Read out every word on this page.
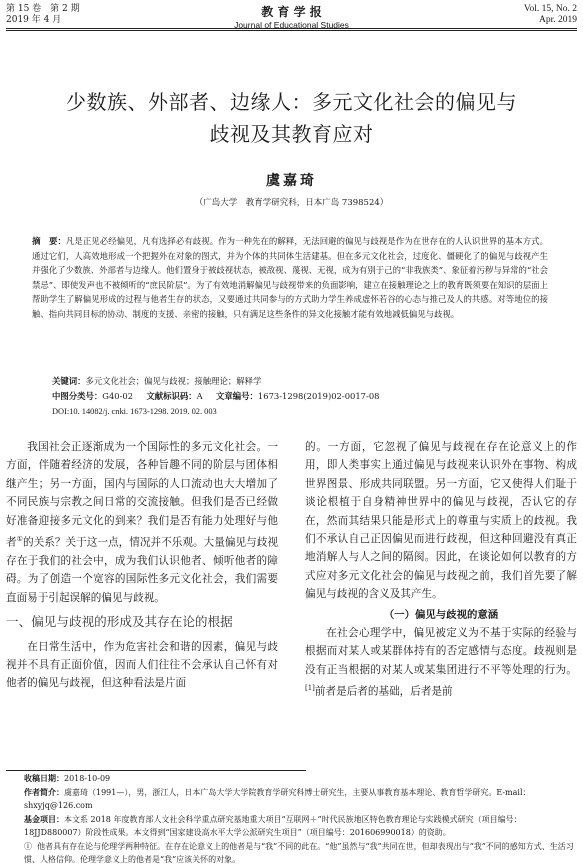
第 15 卷　第 2 期
2019 年 4 月
教 育 学 报
Journal of Educational Studies
Vol. 15, No. 2
Apr. 2019
少数族、外部者、边缘人：多元文化社会的偏见与
歧视及其教育应对
虞嘉琦
（广岛大学　教育学研究科，日本广岛 7398524）
摘　要：凡是正见必经偏见，凡有选择必有歧视。作为一种先在的解释，无法回避的偏见与歧视是作为在世存在的人认识世界的基本方式。通过它们，人高效地形成一个把握外在对象的图式，并为个体的共同体生活建基。但在多元文化社会，过度化、僵硬化了的偏见与歧视产生并强化了少数族、外部者与边缘人。他们置身于被歧视状态，被敌视、蔑视、无视，成为有别于己的“非我族类”、象征着污秽与异常的“社会禁忌”、即使发声也不被倾听的“庶民阶层”。为了有效地消解偏见与歧视带来的负面影响，建立在接触理论之上的教育既须要在知识的层面上帮助学生了解偏见形成的过程与他者生存的状态，又要通过共同参与的方式助力学生养成虚怀若谷的心态与推己及人的共感。对等地位的接触、指向共同目标的协动、制度的支援、亲密的接触，只有满足这些条件的异文化接触才能有效地减低偏见与歧视。
关键词：多元文化社会；偏见与歧视；接触理论；解释学
中图分类号：G40-02 文献标识码：A 文章编号：1673-1298(2019)02-0017-08
DOI:10. 14082/j. cnki. 1673-1298. 2019. 02. 003

我国社会正逐渐成为一个国际性的多元文化社会。一方面，伴随着经济的发展，各种旨趣不同的阶层与团体相继产生；另一方面，国内与国际的人口流动也大大增加了不同民族与宗教之间日常的交流接触。但我们是否已经做好准备迎接多元文化的到来？我们是否有能力处理好与他者①的关系？关于这一点，情况并不乐观。大量偏见与歧视存在于我们的社会中，成为我们认识他者、倾听他者的障碍。为了创造一个宽容的国际性多元文化社会，我们需要直面易于引起误解的偏见与歧视。

一、偏见与歧视的形成及其存在论的根据

在日常生活中，作为危害社会和谐的因素，偏见与歧视并不具有正面价值，因而人们往往不会承认自己怀有对他者的偏见与歧视，但这种看法是片面

的。一方面，它忽视了偏见与歧视在存在论意义上的作用，即人类事实上通过偏见与歧视来认识外在事物、构成世界图景、形成共同联盟。另一方面，它又使得人们耻于谈论根植于自身精神世界中的偏见与歧视，否认它的存在，然而其结果只能是形式上的尊重与实质上的歧视。我们不承认自己正因偏见而进行歧视，但这种回避没有真正地消解人与人之间的隔阂。因此，在谈论如何以教育的方式应对多元文化社会的偏见与歧视之前，我们首先要了解偏见与歧视的含义及其产生。

（一）偏见与歧视的意涵

在社会心理学中，偏见被定义为不基于实际的经验与根据而对某人或某群体持有的否定感情与态度。歧视则是没有正当根据的对某人或某集团进行不平等处理的行为。[1]前者是后者的基础，后者是前

收稿日期：2018-10-09
作者简介：虞嘉琦（1991—），男，浙江人，日本广岛大学大学院教育学研究科博士研究生，主要从事教育基本理论、教育哲学研究。E-mail：shxyjq@126.com
基金项目：本文系 2018 年度教育部人文社会科学重点研究基地重大项目“互联网＋”时代民族地区特色教育理论与实践模式研究（项目编号：18JJD880007）阶段性成果。本文得到“国家建设高水平大学公派研究生项目”（项目编号：201606990018）的资助。
① 他者具有存在论与伦理学两种特征。在存在论意义上的他者是与“我”不同的此在。“他”虽然与“我”共同在世，但却表现出与“我”不同的感知方式、生活习惯、人格信仰。伦理学意义上的他者是“我”应该关怀的对象。
